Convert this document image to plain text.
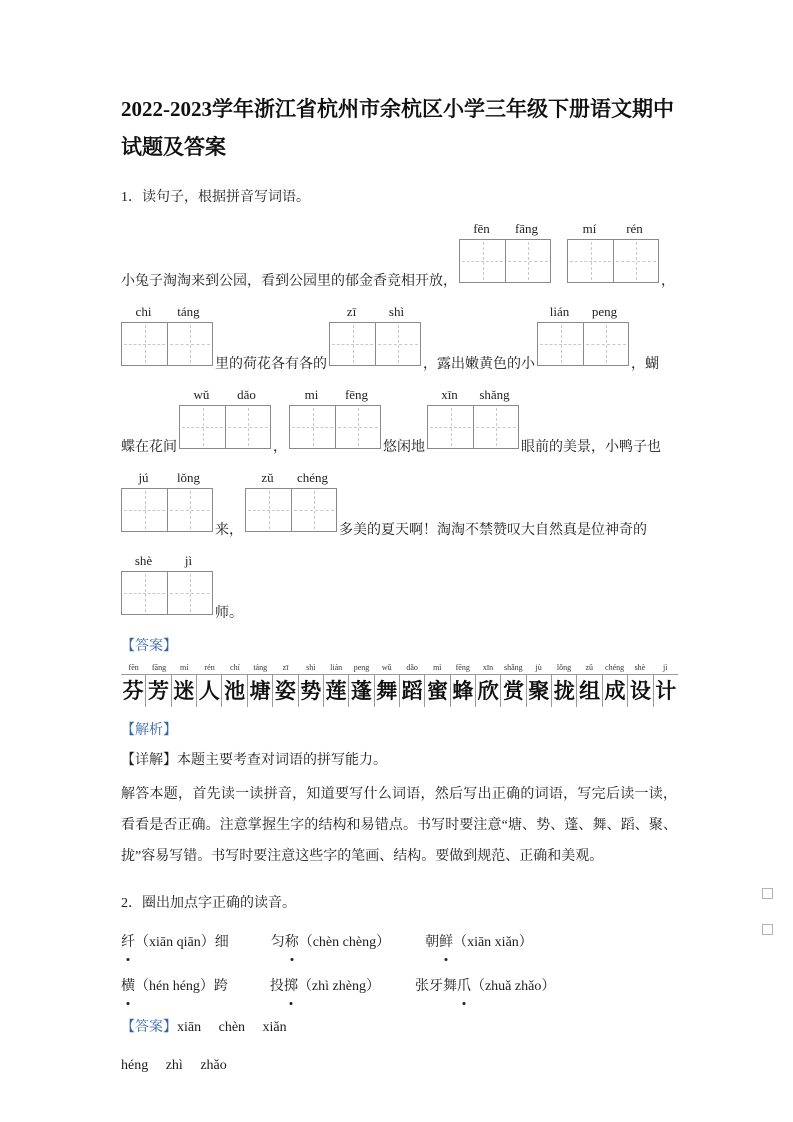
2022-2023学年浙江省杭州市余杭区小学三年级下册语文期中试题及答案

1．读句子，根据拼音写词语。

小兔子淘淘来到公园，看到公园里的郁金香竞相开放，
fēn	fāng	mí	rén
，
chi	táng
里的荷花各有各的
zī	shì
，露出嫩黄色的小
lián	peng
，蝴
蝶在花间
wǔ	dǎo
，
mi	fēng
悠闲地
xīn	shǎng
眼前的美景，小鸭子也
jú	lǒng
来，
zǔ	chéng
多美的夏天啊！淘淘不禁赞叹大自然真是位神奇的
shè	jì
师。

【答案】

fēn	fāng	mí	rén	chí	táng	zī	shì	lián	peng	wǔ	dǎo	mì	fēng	xīn	shǎng	jù	lǒng	zǔ	chéng	shè	jì
芬 芳 迷 人 池 塘 姿 势 莲 蓬 舞 蹈 蜜 蜂 欣 赏 聚 拢 组 成 设 计

【解析】

【详解】本题主要考查对词语的拼写能力。

解答本题，首先读一读拼音，知道要写什么词语，然后写出正确的词语，写完后读一读，看看是否正确。注意掌握生字的结构和易错点。书写时要注意“塘、势、蓬、舞、蹈、聚、拢”容易写错。书写时要注意这些字的笔画、结构。要做到规范、正确和美观。

2．圈出加点字正确的读音。

纤（xiān qiān）细　　　匀称（chèn chèng）　　　朝鲜（xiān xiǎn）

横（hén héng）跨　　　投掷（zhì zhèng）　　　张牙舞爪（zhuǎ zhǎo）

【答案】xiān　 chèn　 xiǎn

héng　 zhì　 zhǎo
